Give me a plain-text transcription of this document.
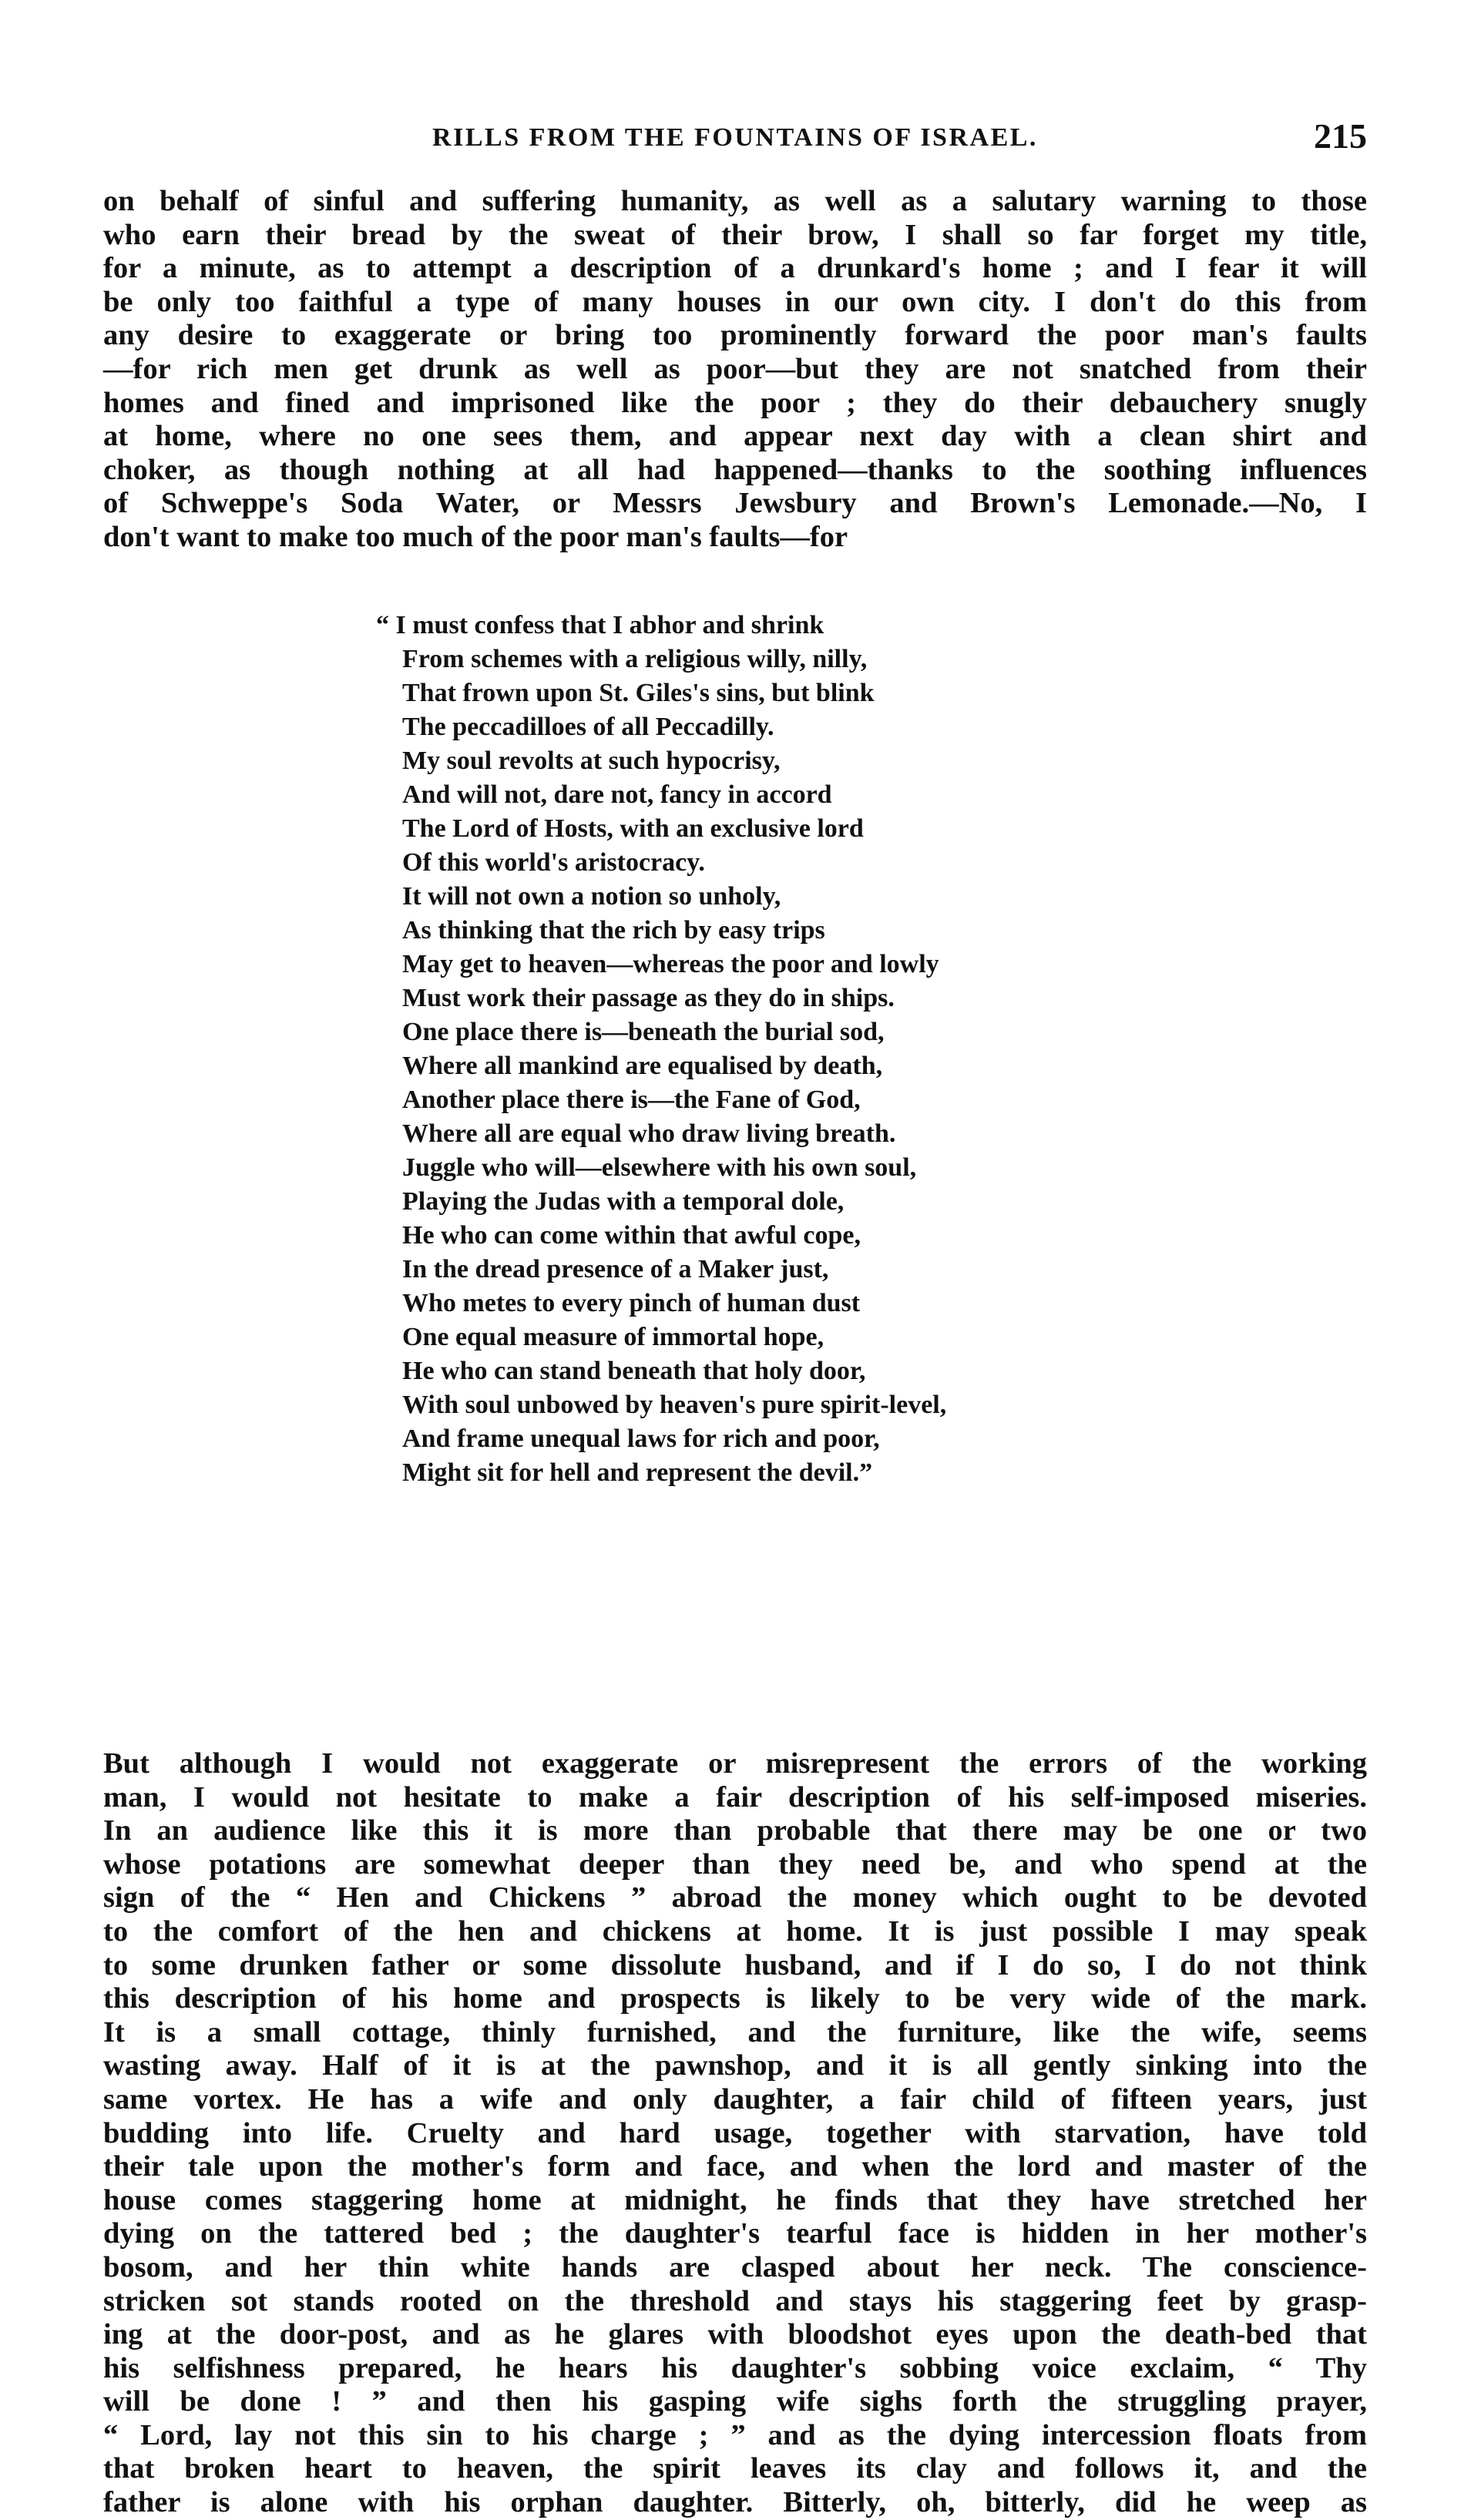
RILLS FROM THE FOUNTAINS OF ISRAEL.	215
on behalf of sinful and suffering humanity, as well as a salutary warning to those
who earn their bread by the sweat of their brow, I shall so far forget my title,
for a minute, as to attempt a description of a drunkard's home ; and I fear it will
be only too faithful a type of many houses in our own city. I don't do this from
any desire to exaggerate or bring too prominently forward the poor man's faults
—for rich men get drunk as well as poor—but they are not snatched from their
homes and fined and imprisoned like the poor ; they do their debauchery snugly
at home, where no one sees them, and appear next day with a clean shirt and
choker, as though nothing at all had happened—thanks to the soothing influences
of Schweppe's Soda Water, or Messrs Jewsbury and Brown's Lemonade.—No, I
don't want to make too much of the poor man's faults—for
“ I must confess that I abhor and shrink
From schemes with a religious willy, nilly,
That frown upon St. Giles's sins, but blink
The peccadilloes of all Peccadilly.
My soul revolts at such hypocrisy,
And will not, dare not, fancy in accord
The Lord of Hosts, with an exclusive lord
Of this world's aristocracy.
It will not own a notion so unholy,
As thinking that the rich by easy trips
May get to heaven—whereas the poor and lowly
Must work their passage as they do in ships.
One place there is—beneath the burial sod,
Where all mankind are equalised by death,
Another place there is—the Fane of God,
Where all are equal who draw living breath.
Juggle who will—elsewhere with his own soul,
Playing the Judas with a temporal dole,
He who can come within that awful cope,
In the dread presence of a Maker just,
Who metes to every pinch of human dust
One equal measure of immortal hope,
He who can stand beneath that holy door,
With soul unbowed by heaven's pure spirit-level,
And frame unequal laws for rich and poor,
Might sit for hell and represent the devil.”
But although I would not exaggerate or misrepresent the errors of the working
man, I would not hesitate to make a fair description of his self-imposed miseries.
In an audience like this it is more than probable that there may be one or two
whose potations are somewhat deeper than they need be, and who spend at the
sign of the “ Hen and Chickens ” abroad the money which ought to be devoted
to the comfort of the hen and chickens at home. It is just possible I may speak
to some drunken father or some dissolute husband, and if I do so, I do not think
this description of his home and prospects is likely to be very wide of the mark.
It is a small cottage, thinly furnished, and the furniture, like the wife, seems
wasting away. Half of it is at the pawnshop, and it is all gently sinking into the
same vortex. He has a wife and only daughter, a fair child of fifteen years, just
budding into life. Cruelty and hard usage, together with starvation, have told
their tale upon the mother's form and face, and when the lord and master of the
house comes staggering home at midnight, he finds that they have stretched her
dying on the tattered bed ; the daughter's tearful face is hidden in her mother's
bosom, and her thin white hands are clasped about her neck. The conscience-
stricken sot stands rooted on the threshold and stays his staggering feet by grasp-
ing at the door-post, and as he glares with bloodshot eyes upon the death-bed that
his selfishness prepared, he hears his daughter's sobbing voice exclaim, “ Thy
will be done ! ” and then his gasping wife sighs forth the struggling prayer,
“ Lord, lay not this sin to his charge ; ” and as the dying intercession floats from
that broken heart to heaven, the spirit leaves its clay and follows it, and the
father is alone with his orphan daughter. Bitterly, oh, bitterly, did he weep as
